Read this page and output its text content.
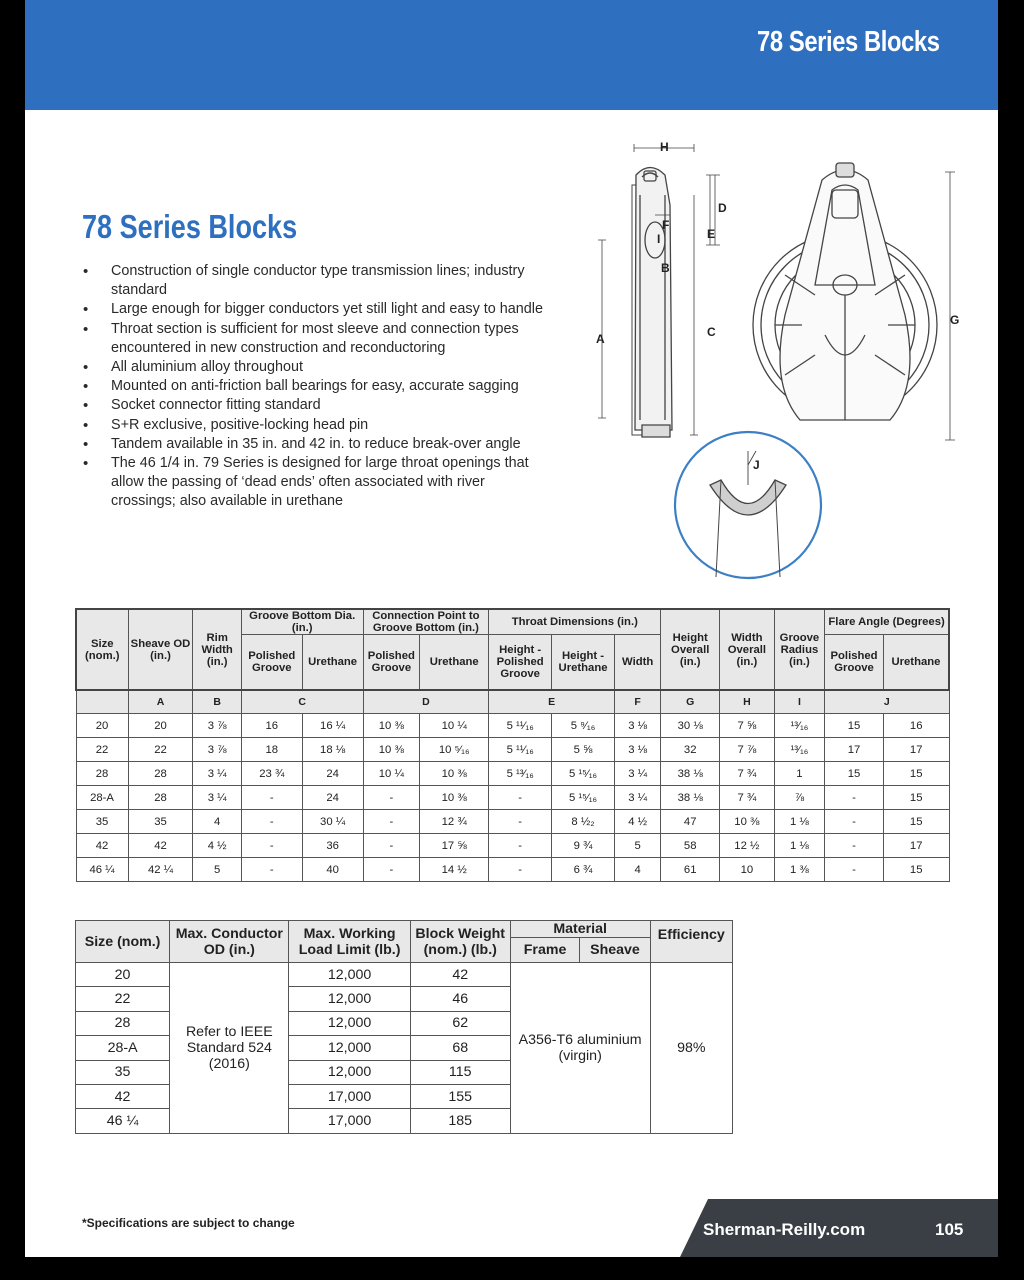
78 Series Blocks
78 Series Blocks
• Construction of single conductor type transmission lines; industry standard
• Large enough for bigger conductors yet still light and easy to handle
• Throat section is sufficient for most sleeve and connection types encountered in new construction and reconductoring
• All aluminium alloy throughout
• Mounted on anti-friction ball bearings for easy, accurate sagging
• Socket connector fitting standard
• S+R exclusive, positive-locking head pin
• Tandem available in 35 in. and 42 in. to reduce break-over angle
• The 46 1/4 in. 79 Series is designed for large throat openings that allow the passing of ‘dead ends’ often associated with river crossings; also available in urethane
H
D
E
F
I
B
A	C
G
J
Size (nom.)	Sheave OD (in.)	Rim Width (in.)	Groove Bottom Dia. (in.)		Connection Point to Groove Bottom (in.)		Throat Dimensions (in.)			Height Overall (in.)	Width Overall (in.)	Groove Radius (in.)	Flare Angle (Degrees)	
			Polished Groove	Urethane	Polished Groove	Urethane	Height - Polished Groove	Height - Urethane	Width				Polished Groove	Urethane
	A	B	C		D		E		F	G	H	I	J	
20	20	3 ⅞	16	16 ¼	10 ⅜	10 ¼	5 ¹¹⁄₁₆	5 ⁹⁄₁₆	3 ⅛	30 ⅛	7 ⅝	¹³⁄₁₆	15	16
22	22	3 ⅞	18	18 ⅛	10 ⅜	10 ⁵⁄₁₆	5 ¹¹⁄₁₆	5 ⅝	3 ⅛	32	7 ⅞	¹³⁄₁₆	17	17
28	28	3 ¼	23 ¾	24	10 ¼	10 ⅜	5 ¹³⁄₁₆	5 ¹⁵⁄₁₆	3 ¼	38 ⅛	7 ¾	1	15	15
28-A	28	3 ¼	-	24	-	10 ⅜	-	5 ¹⁵⁄₁₆	3 ¼	38 ⅛	7 ¾	⅞	-	15
35	35	4	-	30 ¼	-	12 ¾	-	8 ½₂	4 ½	47	10 ⅜	1 ⅛	-	15
42	42	4 ½	-	36	-	17 ⅝	-	9 ¾	5	58	12 ½	1 ⅛	-	17
46 ¼	42 ¼	5	-	40	-	14 ½	-	6 ¾	4	61	10	1 ⅜	-	15
Size (nom.)	Max. Conductor OD (in.)	Max. Working Load Limit (lb.)	Block Weight (nom.) (lb.)	Material		Efficiency
				Frame	Sheave	
20	Refer to IEEE Standard 524 (2016)	12,000	42	A356-T6 aluminium (virgin)		98%
22		12,000	46			
28		12,000	62			
28-A		12,000	68			
35		12,000	115			
42		17,000	155			
46 ¼		17,000	185			
*Specifications are subject to change	Sherman-Reilly.com	105
